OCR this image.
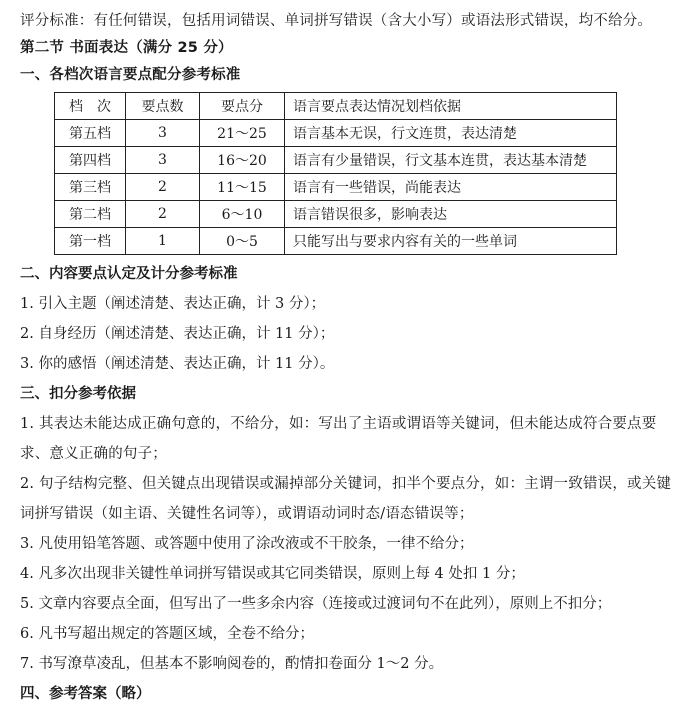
评分标准：有任何错误，包括用词错误、单词拼写错误（含大小写）或语法形式错误，均不给分。
第二节 书面表达（满分 25 分）
一、各档次语言要点配分参考标准
档　次	要点数	要点分	语言要点表达情况划档依据
第五档	3	21～25	语言基本无误，行文连贯，表达清楚
第四档	3	16～20	语言有少量错误，行文基本连贯，表达基本清楚
第三档	2	11～15	语言有一些错误，尚能表达
第二档	2	6～10	语言错误很多，影响表达
第一档	1	0～5	只能写出与要求内容有关的一些单词
二、内容要点认定及计分参考标准
1. 引入主题（阐述清楚、表达正确，计 3 分）；
2. 自身经历（阐述清楚、表达正确，计 11 分）；
3. 你的感悟（阐述清楚、表达正确，计 11 分）。
三、扣分参考依据
1. 其表达未能达成正确句意的，不给分，如：写出了主语或谓语等关键词，但未能达成符合要点要求、意义正确的句子；
2. 句子结构完整、但关键点出现错误或漏掉部分关键词，扣半个要点分，如：主谓一致错误，或关键词拼写错误（如主语、关键性名词等），或谓语动词时态/语态错误等；
3. 凡使用铅笔答题、或答题中使用了涂改液或不干胶条，一律不给分；
4. 凡多次出现非关键性单词拼写错误或其它同类错误，原则上每 4 处扣 1 分；
5. 文章内容要点全面，但写出了一些多余内容（连接或过渡词句不在此列），原则上不扣分；
6. 凡书写超出规定的答题区域，全卷不给分；
7. 书写潦草凌乱，但基本不影响阅卷的，酌情扣卷面分 1～2 分。
四、参考答案（略）
